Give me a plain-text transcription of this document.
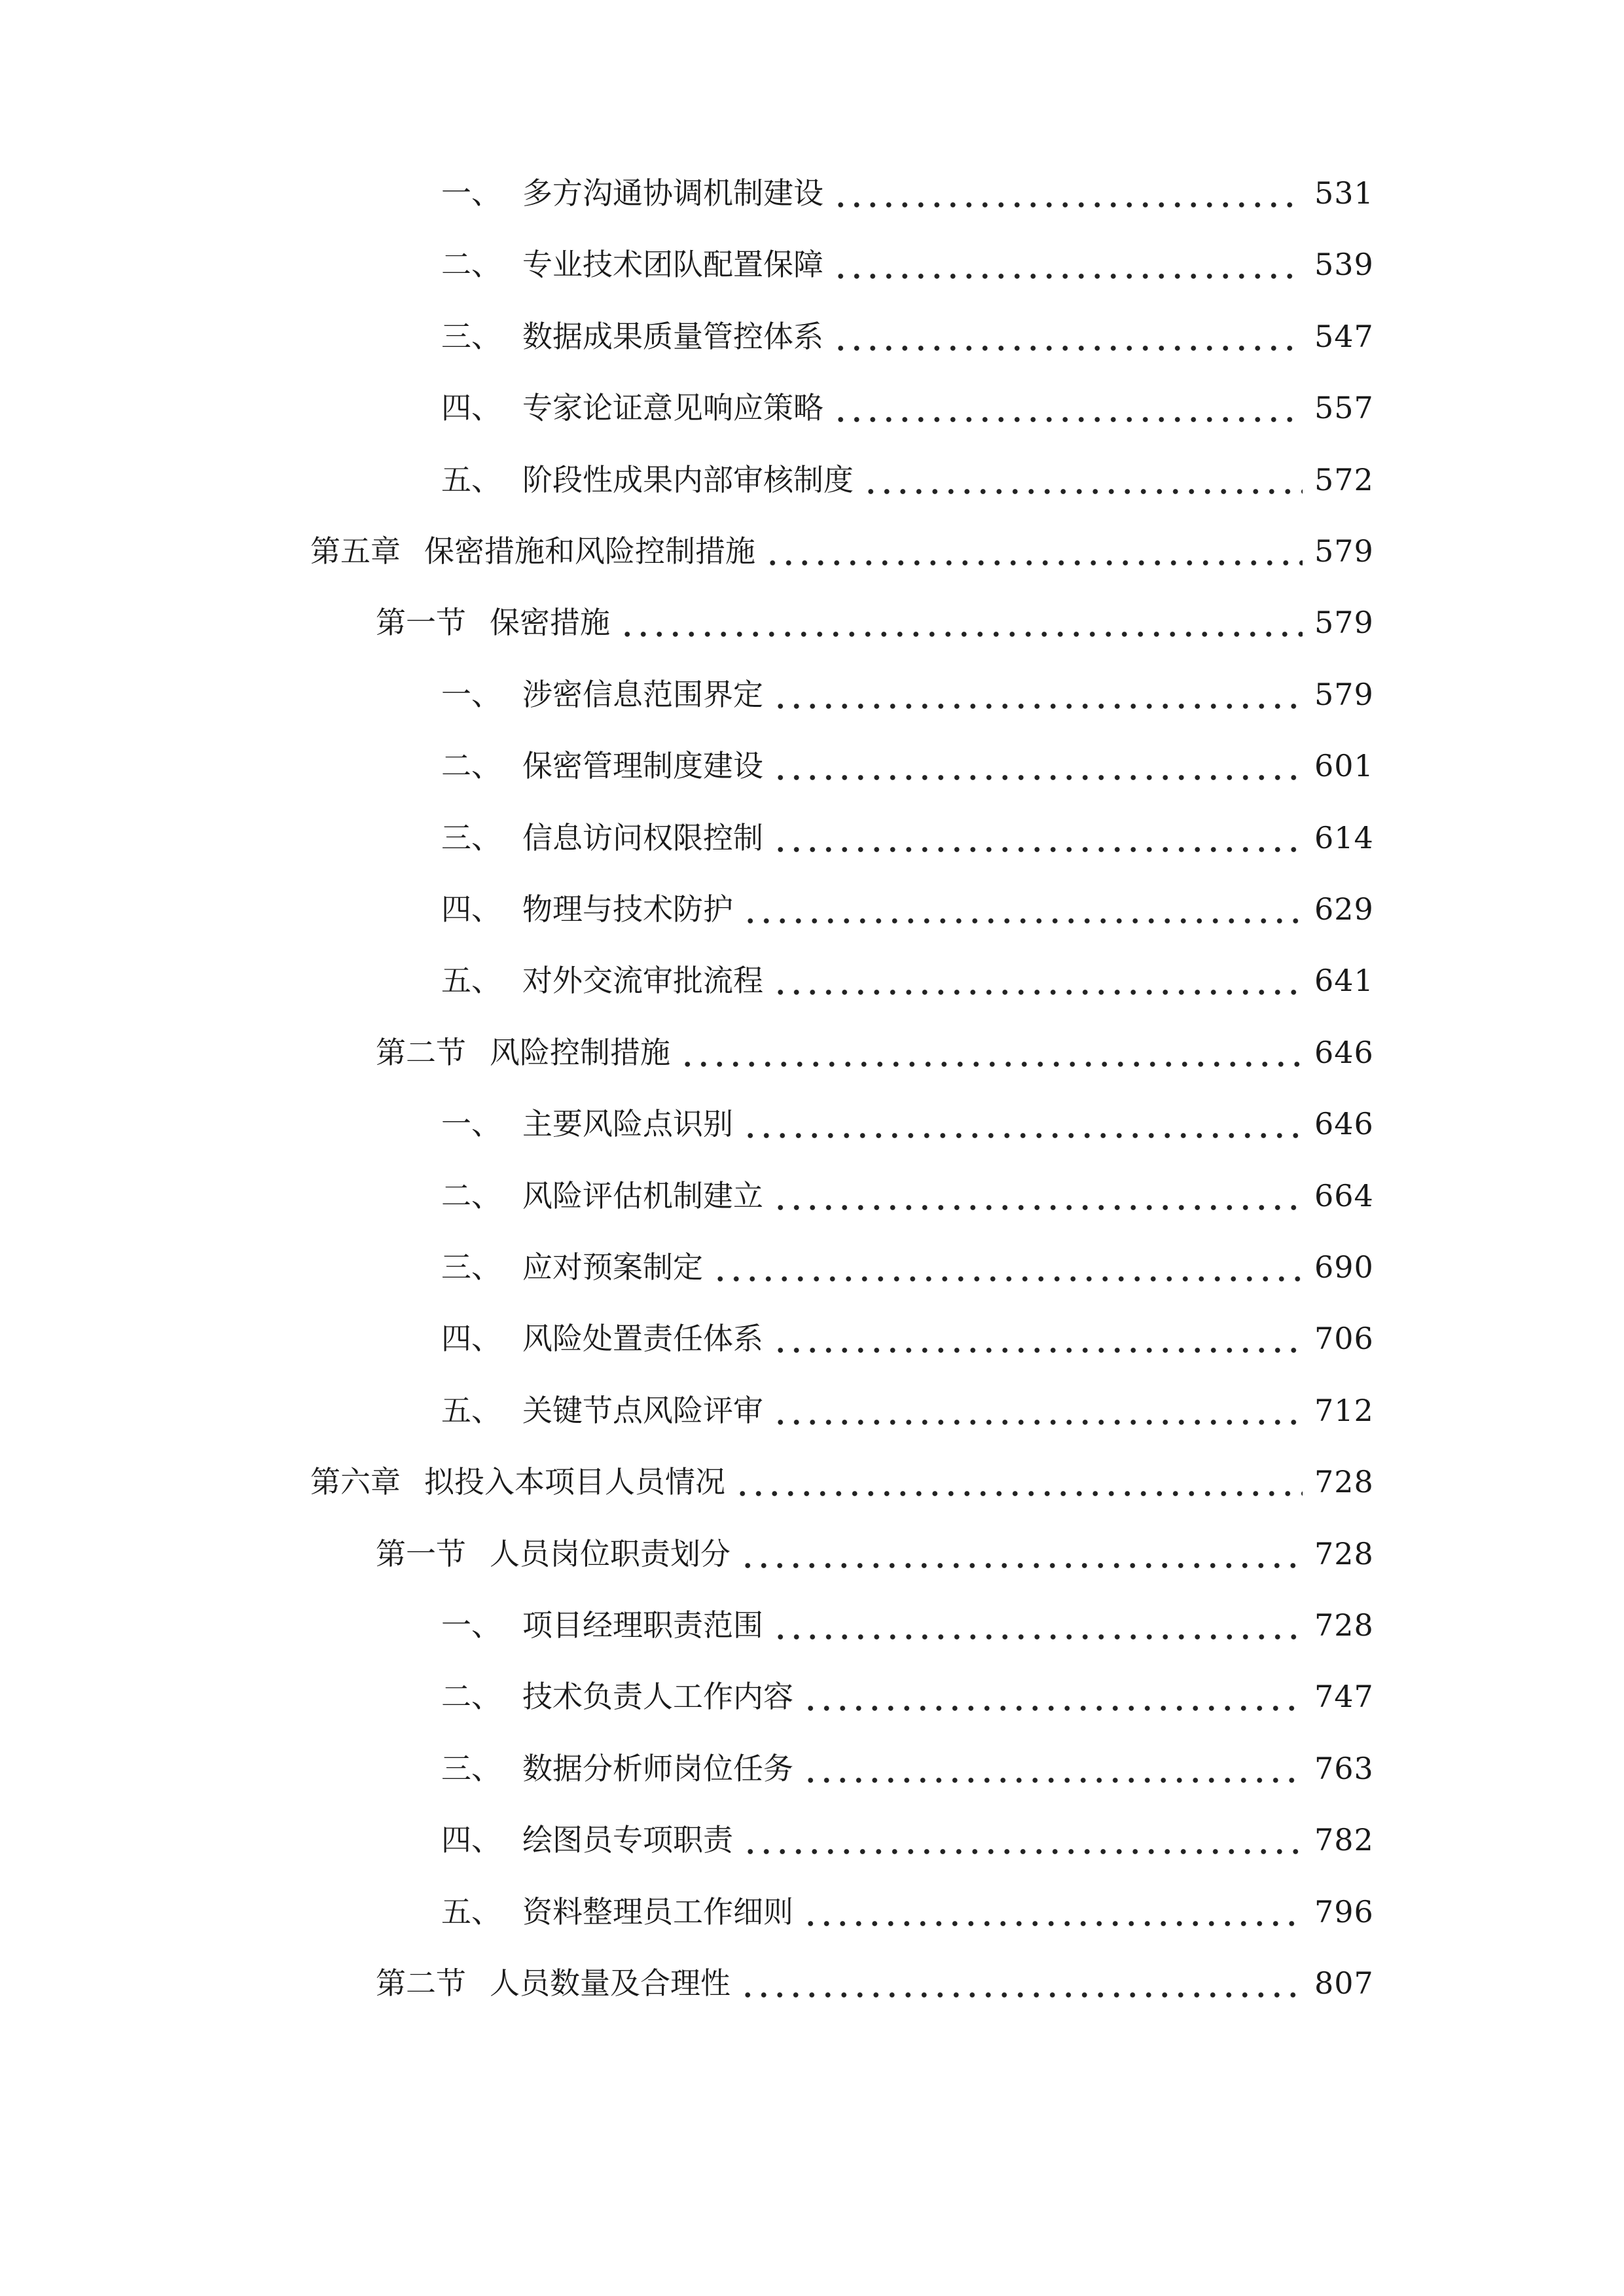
一、 多方沟通协调机制建设	531
二、 专业技术团队配置保障	539
三、 数据成果质量管控体系	547
四、 专家论证意见响应策略	557
五、 阶段性成果内部审核制度	572
第五章 保密措施和风险控制措施	579
第一节 保密措施	579
一、 涉密信息范围界定	579
二、 保密管理制度建设	601
三、 信息访问权限控制	614
四、 物理与技术防护	629
五、 对外交流审批流程	641
第二节 风险控制措施	646
一、 主要风险点识别	646
二、 风险评估机制建立	664
三、 应对预案制定	690
四、 风险处置责任体系	706
五、 关键节点风险评审	712
第六章 拟投入本项目人员情况	728
第一节 人员岗位职责划分	728
一、 项目经理职责范围	728
二、 技术负责人工作内容	747
三、 数据分析师岗位任务	763
四、 绘图员专项职责	782
五、 资料整理员工作细则	796
第二节 人员数量及合理性	807
